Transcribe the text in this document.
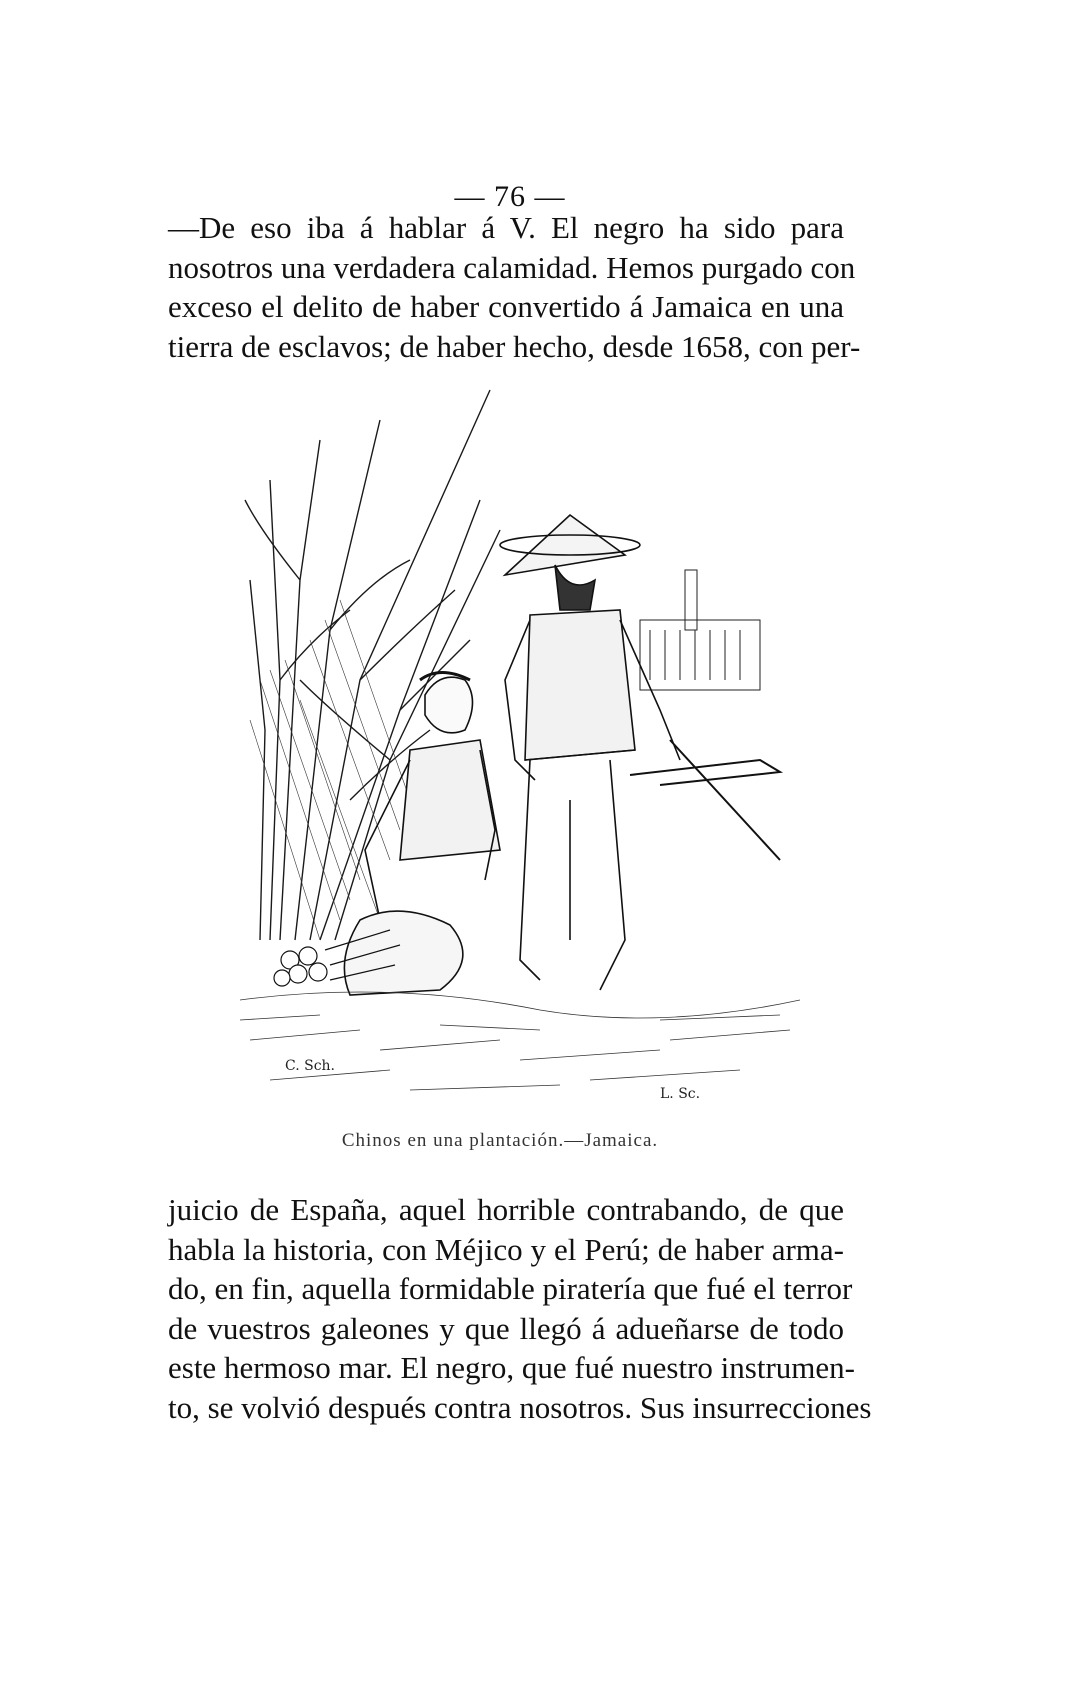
— 76 —
—De eso iba á hablar á V. El negro ha sido para
nosotros una verdadera calamidad. Hemos purgado con
exceso el delito de haber convertido á Jamaica en una
tierra de esclavos; de haber hecho, desde 1658, con per-
C. Sch.
L. Sc.
Chinos en una plantación.—Jamaica.
juicio de España, aquel horrible contrabando, de que
habla la historia, con Méjico y el Perú; de haber arma-
do, en fin, aquella formidable piratería que fué el terror
de vuestros galeones y que llegó á adueñarse de todo
este hermoso mar. El negro, que fué nuestro instrumen-
to, se volvió después contra nosotros. Sus insurrecciones
